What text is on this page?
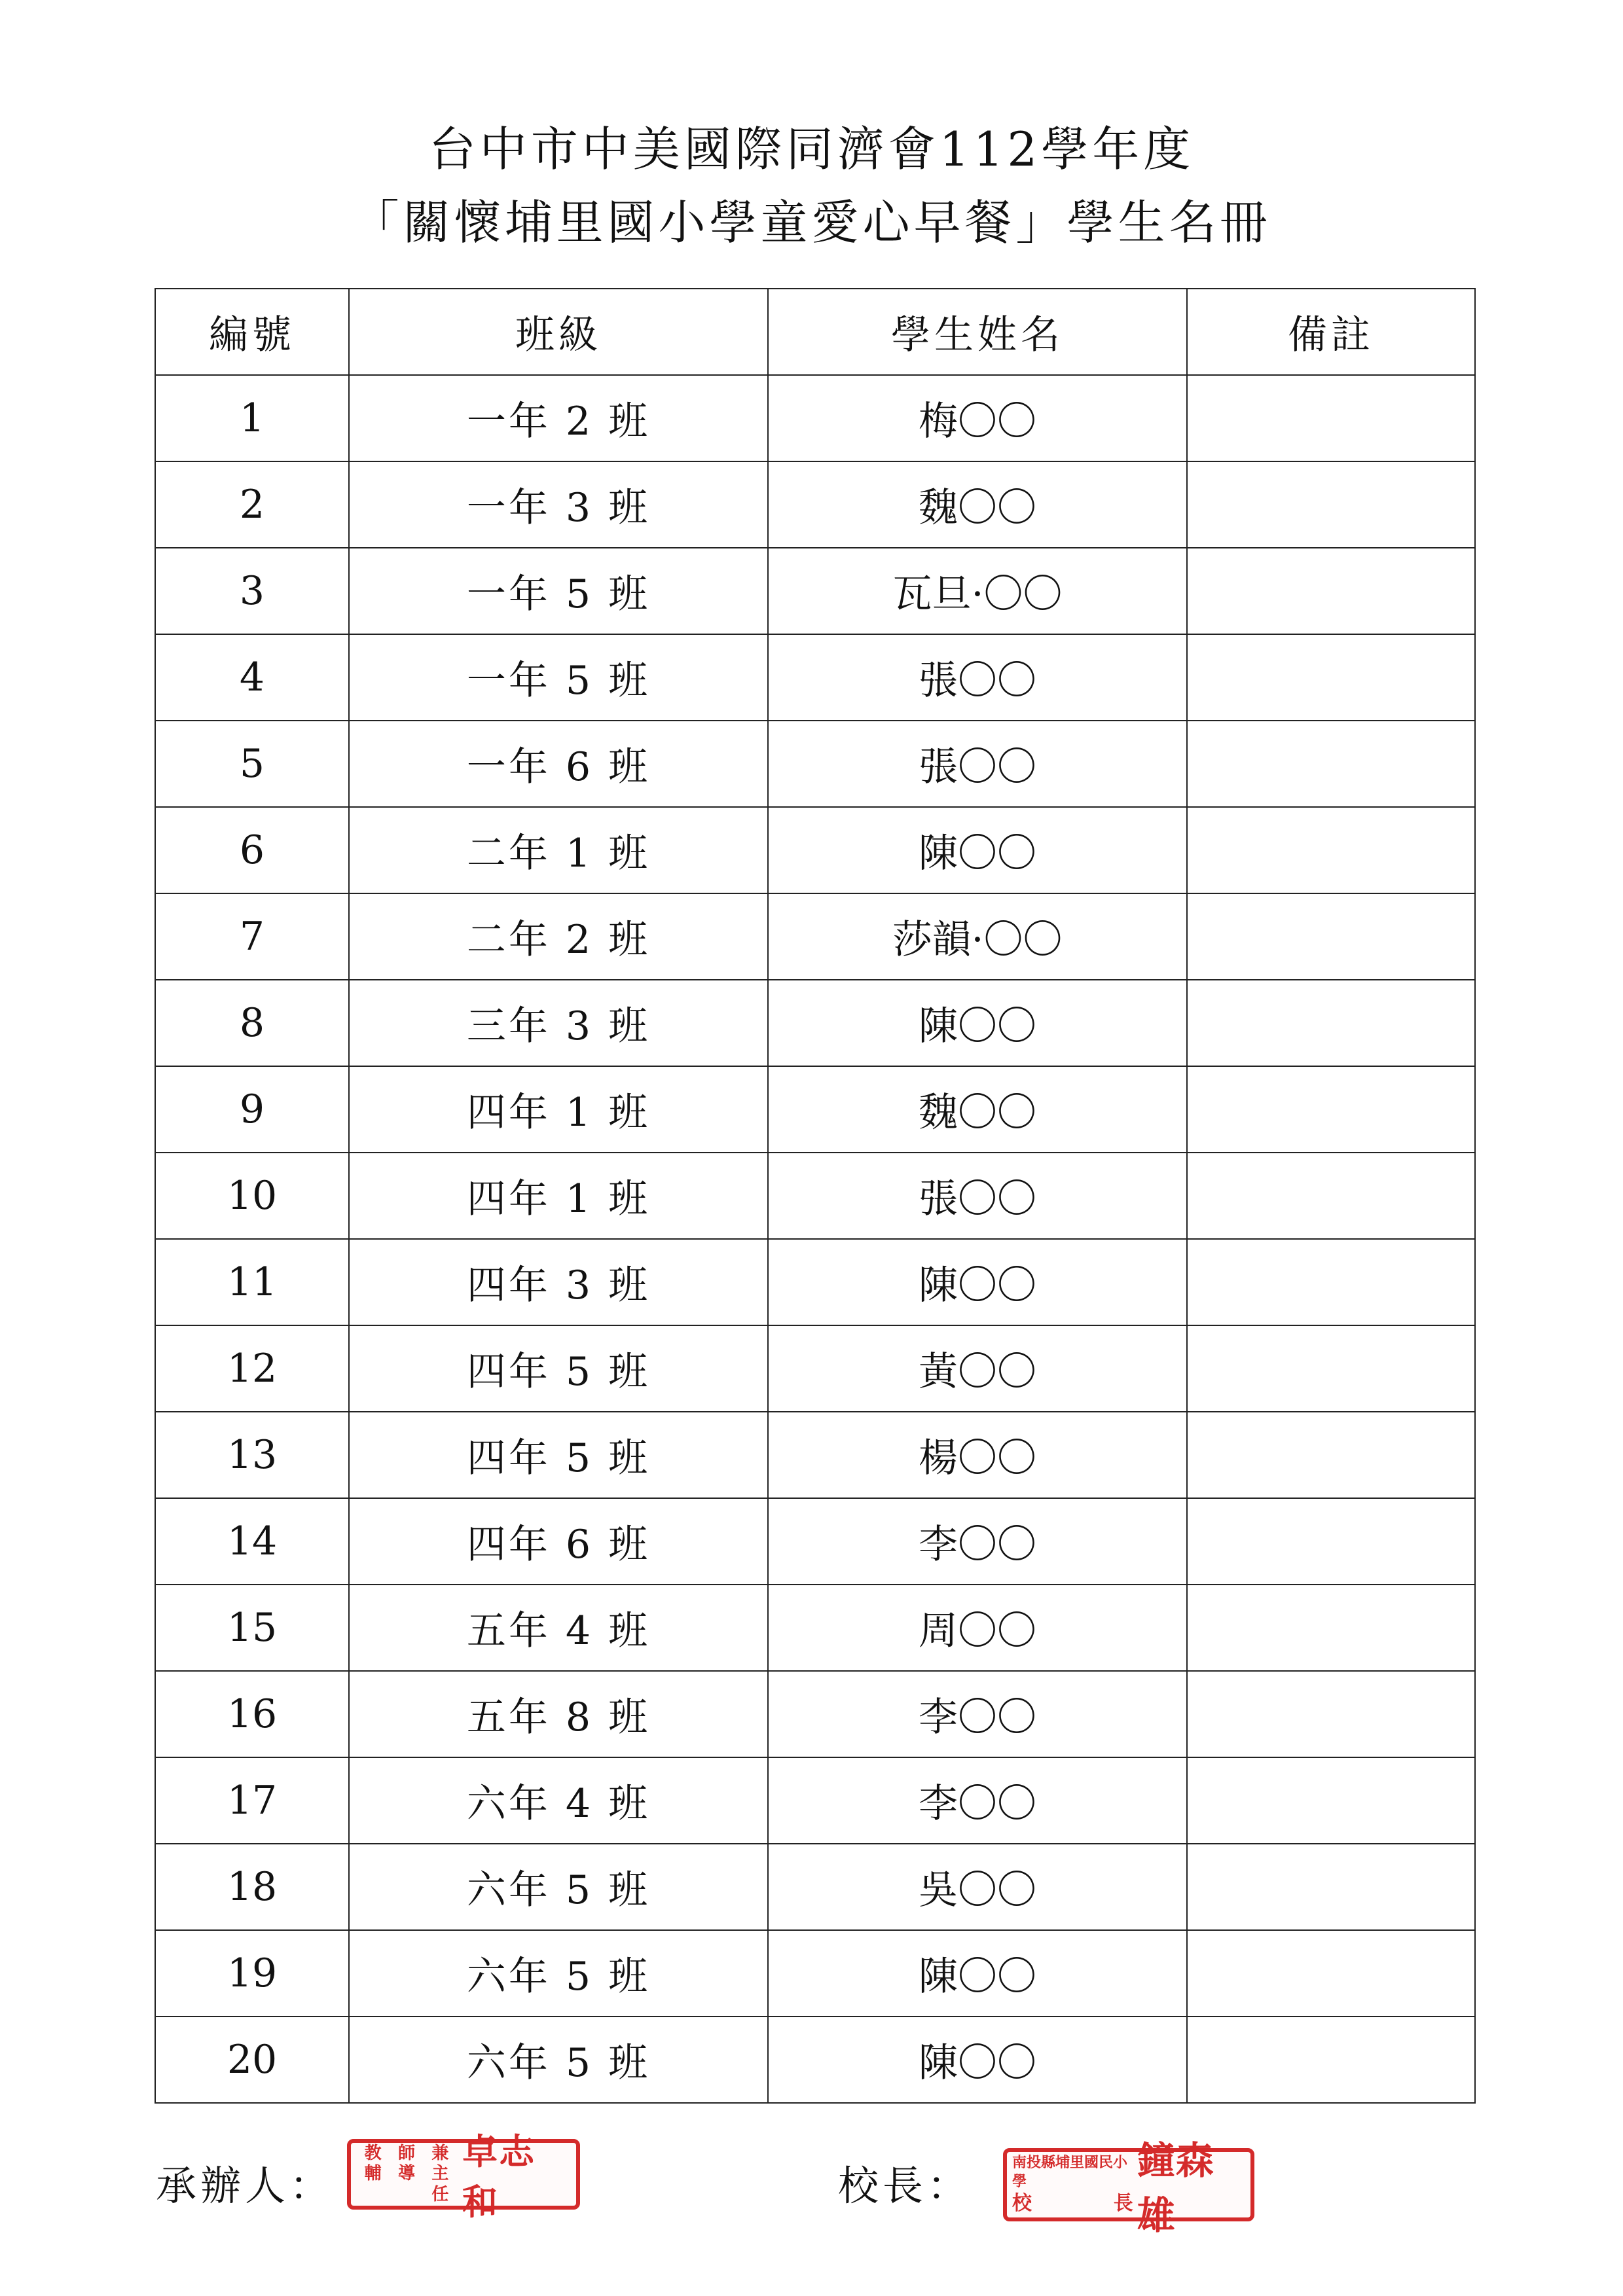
台中市中美國際同濟會112學年度
「關懷埔里國小學童愛心早餐」學生名冊
編號	班級	學生姓名	備註
1	一年 2 班	梅〇〇	
2	一年 3 班	魏〇〇	
3	一年 5 班	瓦旦·〇〇	
4	一年 5 班	張〇〇	
5	一年 6 班	張〇〇	
6	二年 1 班	陳〇〇	
7	二年 2 班	莎韻·〇〇	
8	三年 3 班	陳〇〇	
9	四年 1 班	魏〇〇	
10	四年 1 班	張〇〇	
11	四年 3 班	陳〇〇	
12	四年 5 班	黃〇〇	
13	四年 5 班	楊〇〇	
14	四年 6 班	李〇〇	
15	五年 4 班	周〇〇	
16	五年 8 班	李〇〇	
17	六年 4 班	李〇〇	
18	六年 5 班	吳〇〇	
19	六年 5 班	陳〇〇	
20	六年 5 班	陳〇〇	
承辦人：
教 師 兼
輔 導 主任
卓志和	校長：	南投縣埔里國民小學
校	長
鐘森雄
